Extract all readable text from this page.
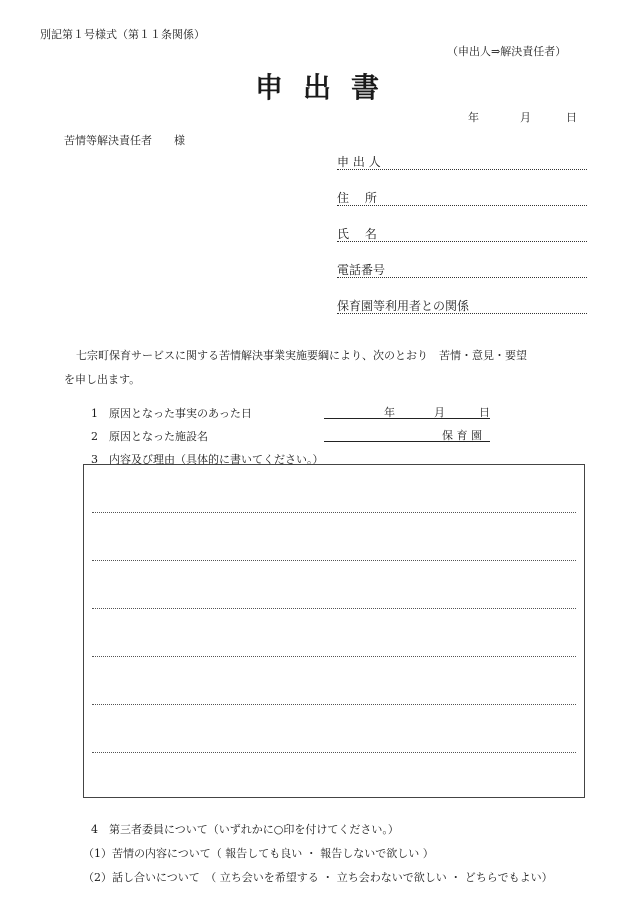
別記第１号様式（第１１条関係）
（申出人⇒解決責任者）
申出書
年	月	日
苦情等解決責任者　　様
申 出 人
住　 所
氏　 名
電話番号
保育園等利用者との関係
七宗町保育サービスに関する苦情解決事業実施要綱により、次のとおり　苦情・意見・要望
を申し出ます。
1　原因となった事実のあった日	年	月	日
2　原因となった施設名	保 育 園
3　内容及び理由（具体的に書いてください。）
4　第三者委員について（いずれかに○印を付けてください。）
（1）苦情の内容について（ 報告しても良い ・ 報告しないで欲しい ）
（2）話し合いについて　（ 立ち会いを希望する ・ 立ち会わないで欲しい ・ どちらでもよい）
